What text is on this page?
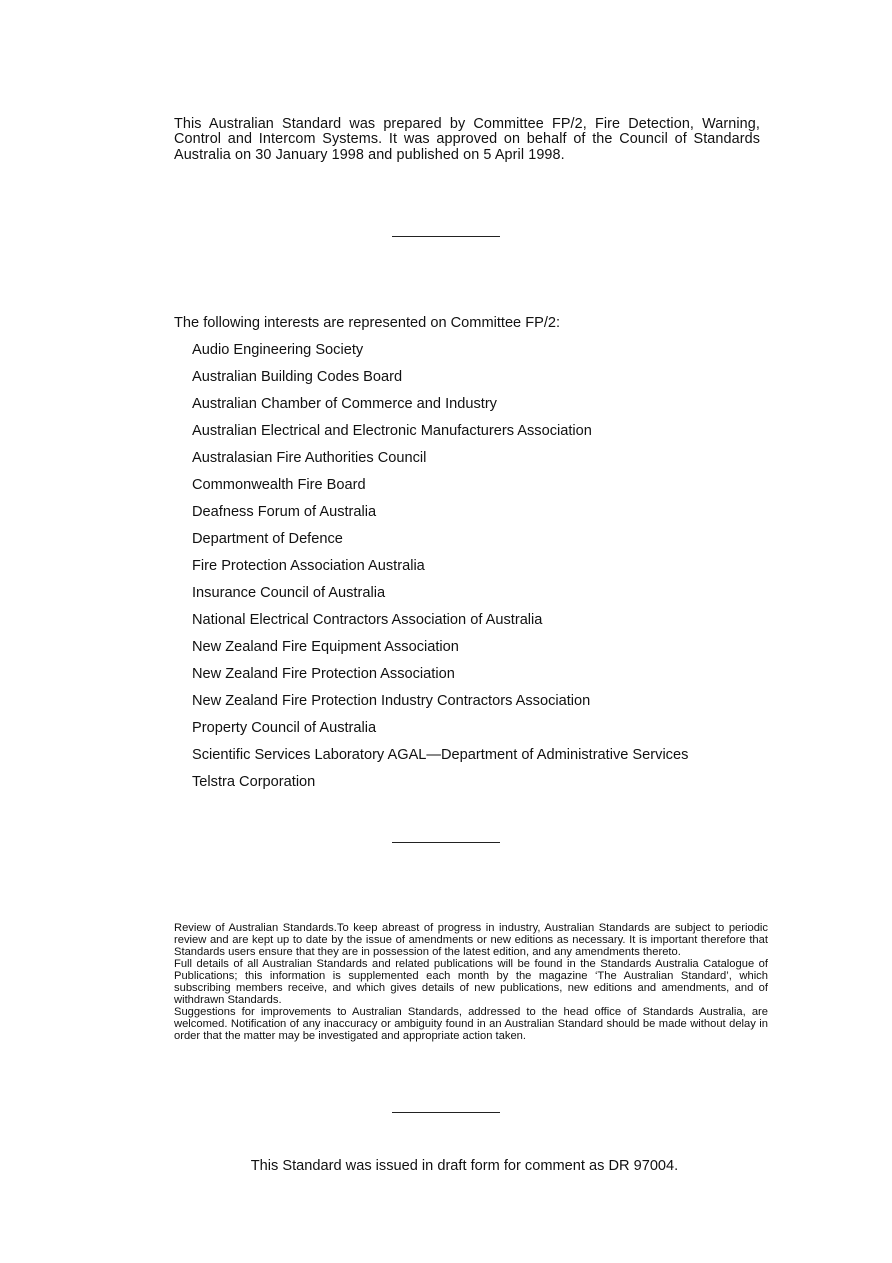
This Australian Standard was prepared by Committee FP/2, Fire Detection, Warning, Control and Intercom Systems. It was approved on behalf of the Council of Standards Australia on 30 January 1998 and published on 5 April 1998.
The following interests are represented on Committee FP/2:
Audio Engineering Society
Australian Building Codes Board
Australian Chamber of Commerce and Industry
Australian Electrical and Electronic Manufacturers Association
Australasian Fire Authorities Council
Commonwealth Fire Board
Deafness Forum of Australia
Department of Defence
Fire Protection Association Australia
Insurance Council of Australia
National Electrical Contractors Association of Australia
New Zealand Fire Equipment Association
New Zealand Fire Protection Association
New Zealand Fire Protection Industry Contractors Association
Property Council of Australia
Scientific Services Laboratory AGAL—Department of Administrative Services
Telstra Corporation

Review of Australian Standards.To keep abreast of progress in industry, Australian Standards are subject to periodic review and are kept up to date by the issue of amendments or new editions as necessary. It is important therefore that Standards users ensure that they are in possession of the latest edition, and any amendments thereto.

Full details of all Australian Standards and related publications will be found in the Standards Australia Catalogue of Publications; this information is supplemented each month by the magazine ‘The Australian Standard’, which subscribing members receive, and which gives details of new publications, new editions and amendments, and of withdrawn Standards.

Suggestions for improvements to Australian Standards, addressed to the head office of Standards Australia, are welcomed. Notification of any inaccuracy or ambiguity found in an Australian Standard should be made without delay in order that the matter may be investigated and appropriate action taken.

This Standard was issued in draft form for comment as DR 97004.
